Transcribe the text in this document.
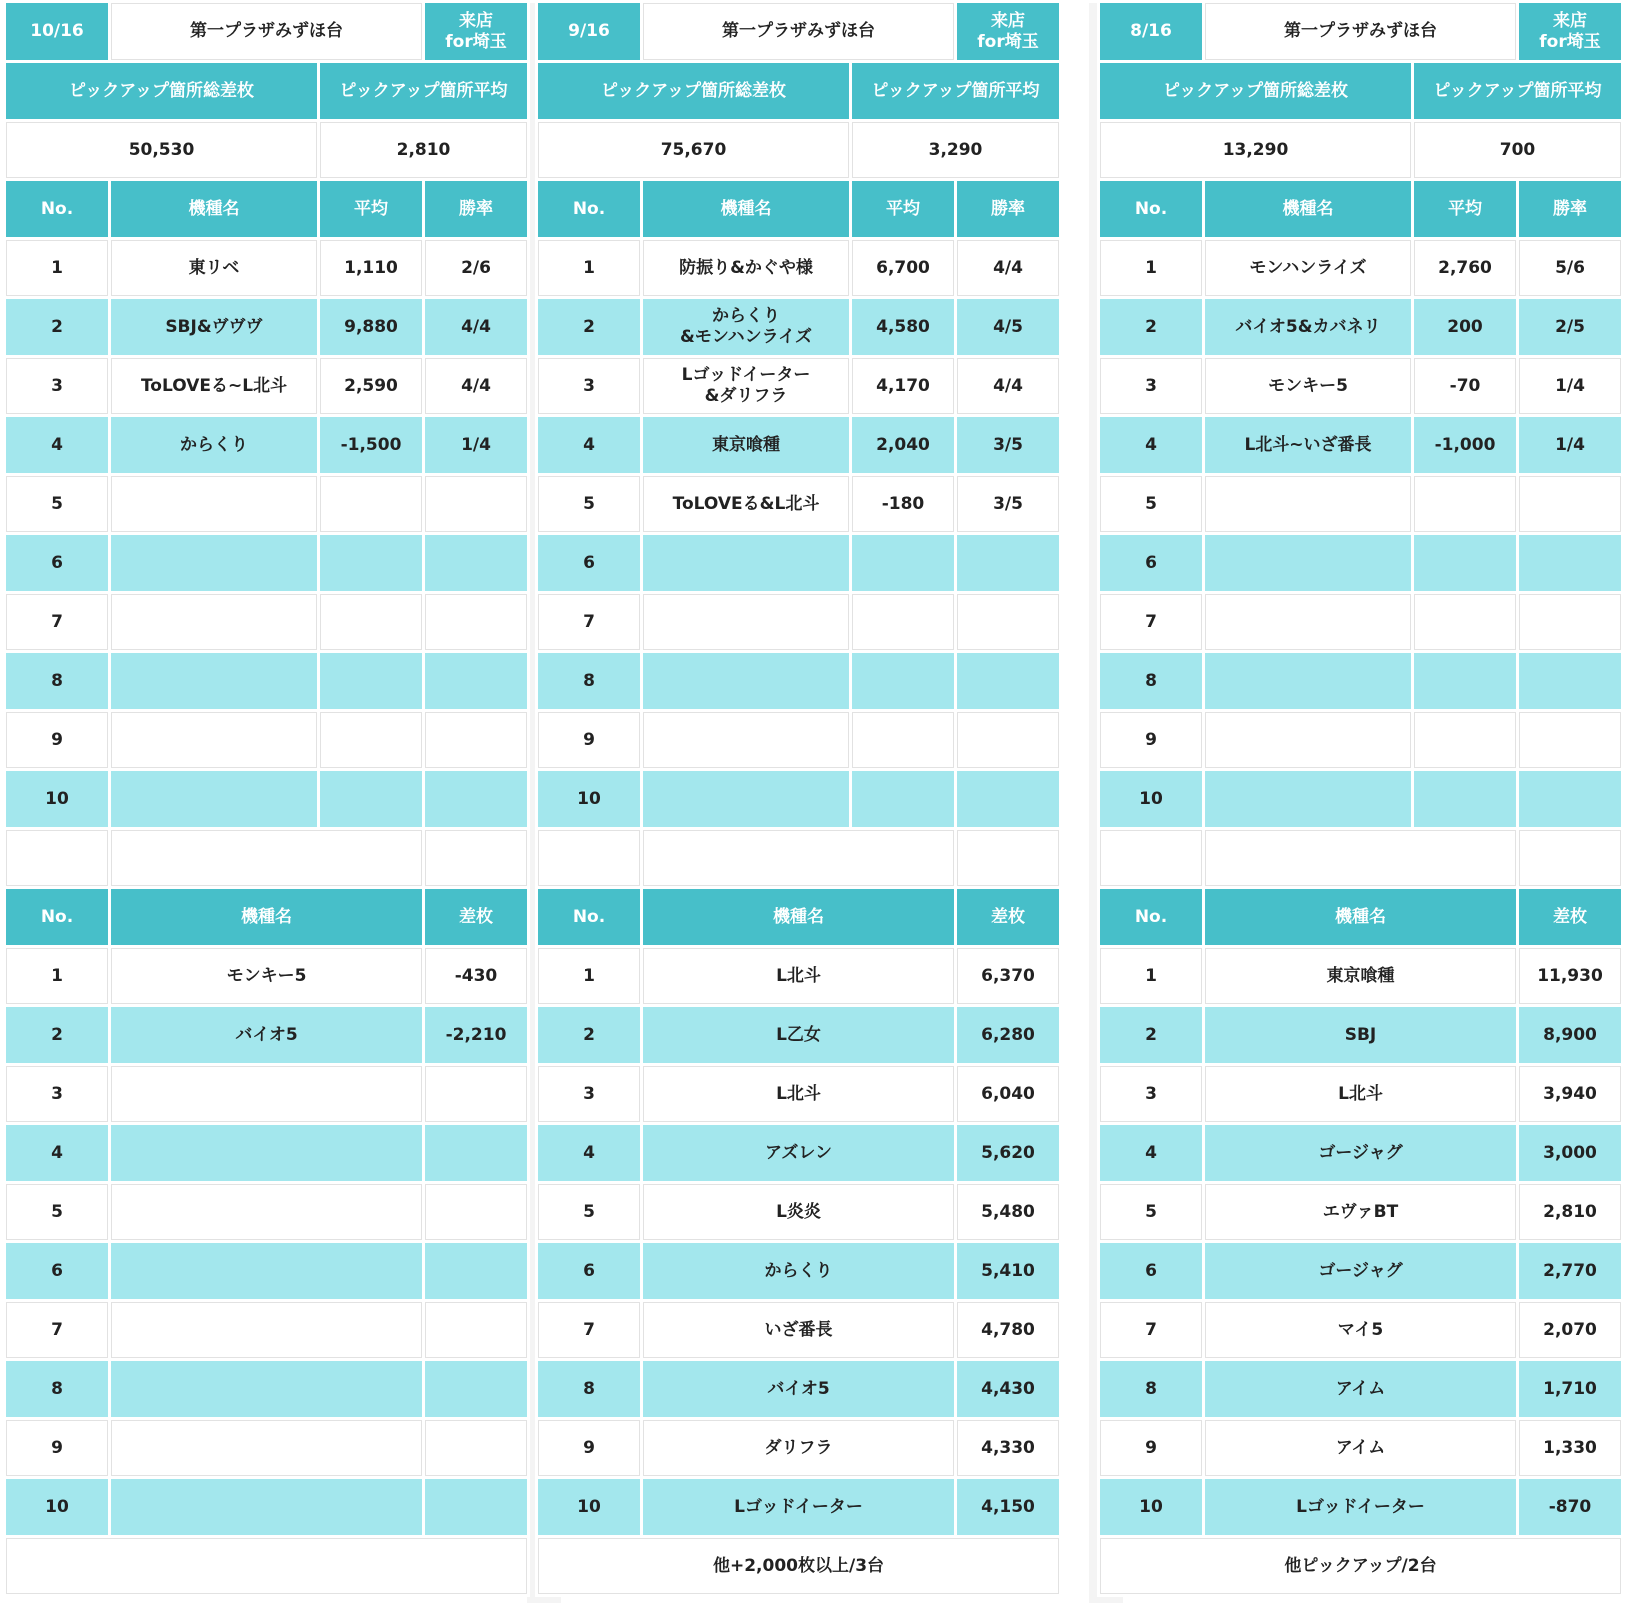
10/16	第一プラザみずほ台		来店
for埼玉
ピックアップ箇所総差枚		ピックアップ箇所平均	
50,530		2,810	
No.	機種名	平均	勝率
1	東リベ	1,110	2/6
2	SBJ&ヴヴヴ	9,880	4/4
3	ToLOVEる~L北斗	2,590	4/4
4	からくり	-1,500	1/4
5			
6			
7			
8			
9			
10			

No.	機種名		差枚
1	モンキー5		-430
2	バイオ5		-2,210
3			
4			
5			
6			
7			
8			
9			
10			

9/16	第一プラザみずほ台		来店
for埼玉
ピックアップ箇所総差枚		ピックアップ箇所平均	
75,670		3,290	
No.	機種名	平均	勝率
1	防振り&かぐや様	6,700	4/4
2	からくり
&モンハンライズ	4,580	4/5
3	Lゴッドイーター
&ダリフラ	4,170	4/4
4	東京喰種	2,040	3/5
5	ToLOVEる&L北斗	-180	3/5
6			
7			
8			
9			
10			

No.	機種名		差枚
1	L北斗		6,370
2	L乙女		6,280
3	L北斗		6,040
4	アズレン		5,620
5	L炎炎		5,480
6	からくり		5,410
7	いざ番長		4,780
8	バイオ5		4,430
9	ダリフラ		4,330
10	Lゴッドイーター		4,150
他+2,000枚以上/3台			
8/16	第一プラザみずほ台		来店
for埼玉
ピックアップ箇所総差枚		ピックアップ箇所平均	
13,290		700	
No.	機種名	平均	勝率
1	モンハンライズ	2,760	5/6
2	バイオ5&カバネリ	200	2/5
3	モンキー5	-70	1/4
4	L北斗~いざ番長	-1,000	1/4
5			
6			
7			
8			
9			
10			

No.	機種名		差枚
1	東京喰種		11,930
2	SBJ		8,900
3	L北斗		3,940
4	ゴージャグ		3,000
5	エヴァBT		2,810
6	ゴージャグ		2,770
7	マイ5		2,070
8	アイム		1,710
9	アイム		1,330
10	Lゴッドイーター		-870
他ピックアップ/2台			
